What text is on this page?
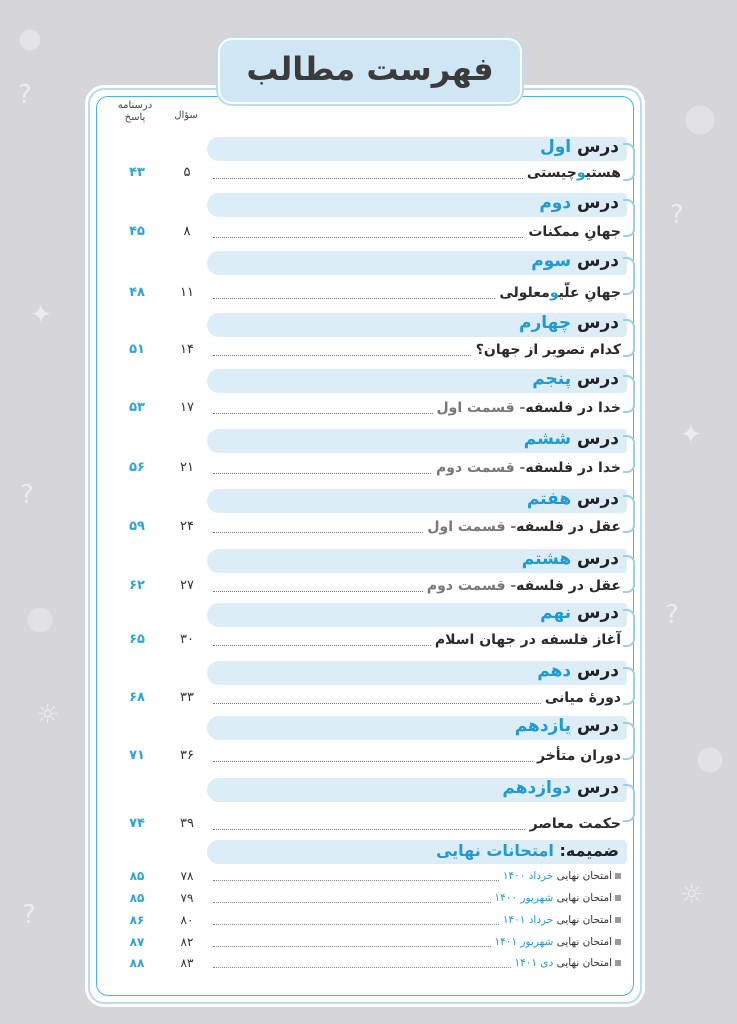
?
✦
?
☼
?
?
✦
?
☼
فهرست مطالب
سؤال
درسنامه
پاسخ
درس اول
هستیوچیستی
۵
۴۳
درس دوم
جهانِ ممکنات
۸
۴۵
درس سوم
جهانِ علّیومعلولی
۱۱
۴۸
درس چهارم
کدام تصویر از جهان؟
۱۴
۵۱
درس پنجم
خدا در فلسفه- قسمت اول
۱۷
۵۳
درس ششم
خدا در فلسفه- قسمت دوم
۲۱
۵۶
درس هفتم
عقل در فلسفه- قسمت اول
۲۴
۵۹
درس هشتم
عقل در فلسفه- قسمت دوم
۲۷
۶۲
درس نهم
آغاز فلسفه در جهان اسلام
۳۰
۶۵
درس دهم
دورهٔ میانی
۳۳
۶۸
درس یازدهم
دوران متأخر
۳۶
۷۱
درس دوازدهم
حکمت معاصر
۳۹
۷۴
ضمیمه: امتحانات نهایی
امتحان نهایی خرداد ۱۴۰۰
۷۸
۸۵
امتحان نهایی شهریور ۱۴۰۰
۷۹
۸۵
امتحان نهایی خرداد ۱۴۰۱
۸۰
۸۶
امتحان نهایی شهریور ۱۴۰۱
۸۲
۸۷
امتحان نهایی دی ۱۴۰۱
۸۳
۸۸
